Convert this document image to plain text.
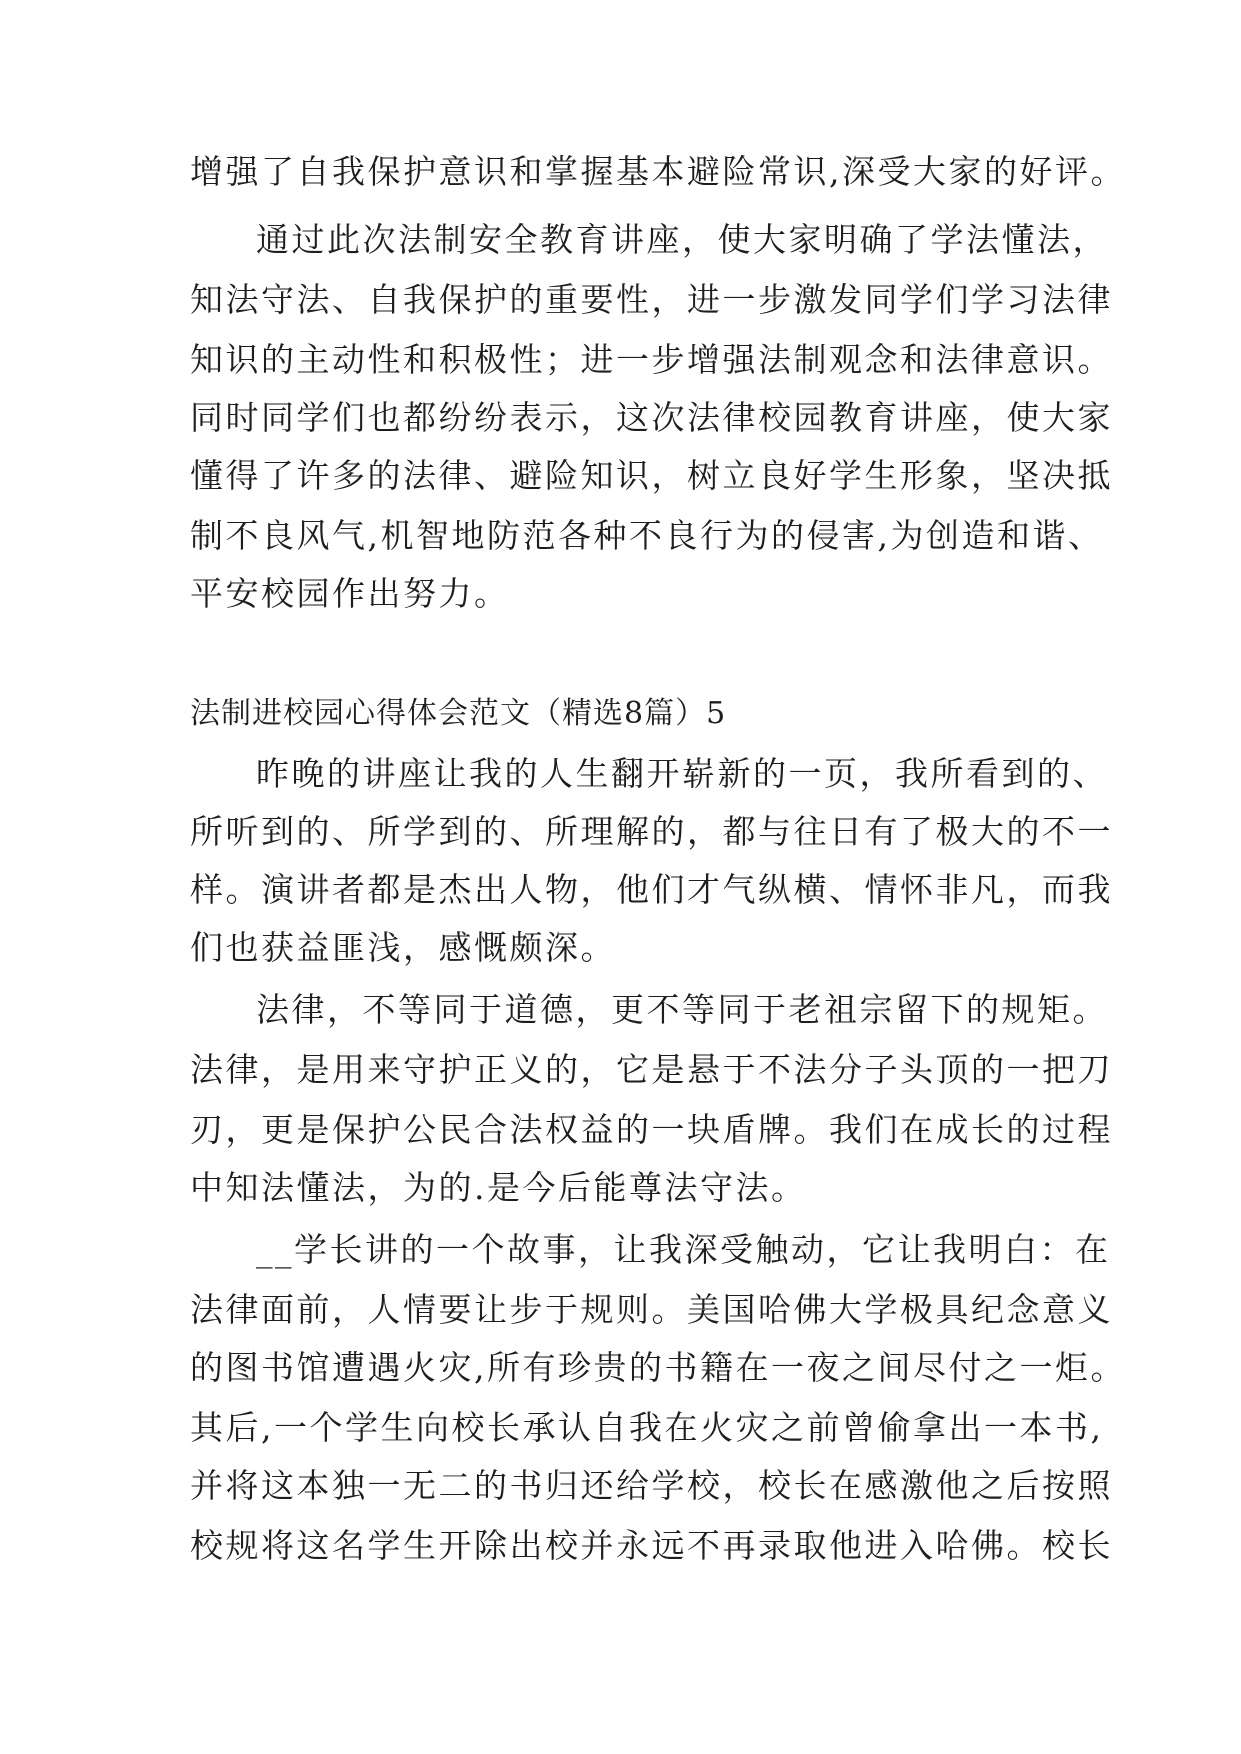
增强了自我保护意识和掌握基本避险常识,深受大家的好评。
通过此次法制安全教育讲座，使大家明确了学法懂法，
知法守法、自我保护的重要性，进一步激发同学们学习法律
知识的主动性和积极性；进一步增强法制观念和法律意识。
同时同学们也都纷纷表示，这次法律校园教育讲座，使大家
懂得了许多的法律、避险知识，树立良好学生形象，坚决抵
制不良风气,机智地防范各种不良行为的侵害,为创造和谐、
平安校园作出努力。
法制进校园心得体会范文（精选8篇）5
昨晚的讲座让我的人生翻开崭新的一页，我所看到的、
所听到的、所学到的、所理解的，都与往日有了极大的不一
样。演讲者都是杰出人物，他们才气纵横、情怀非凡，而我
们也获益匪浅，感慨颇深。
法律，不等同于道德，更不等同于老祖宗留下的规矩。
法律，是用来守护正义的，它是悬于不法分子头顶的一把刀
刃，更是保护公民合法权益的一块盾牌。我们在成长的过程
中知法懂法，为的.是今后能尊法守法。
__学长讲的一个故事，让我深受触动，它让我明白：在
法律面前，人情要让步于规则。美国哈佛大学极具纪念意义
的图书馆遭遇火灾,所有珍贵的书籍在一夜之间尽付之一炬。
其后,一个学生向校长承认自我在火灾之前曾偷拿出一本书,
并将这本独一无二的书归还给学校，校长在感激他之后按照
校规将这名学生开除出校并永远不再录取他进入哈佛。校长
